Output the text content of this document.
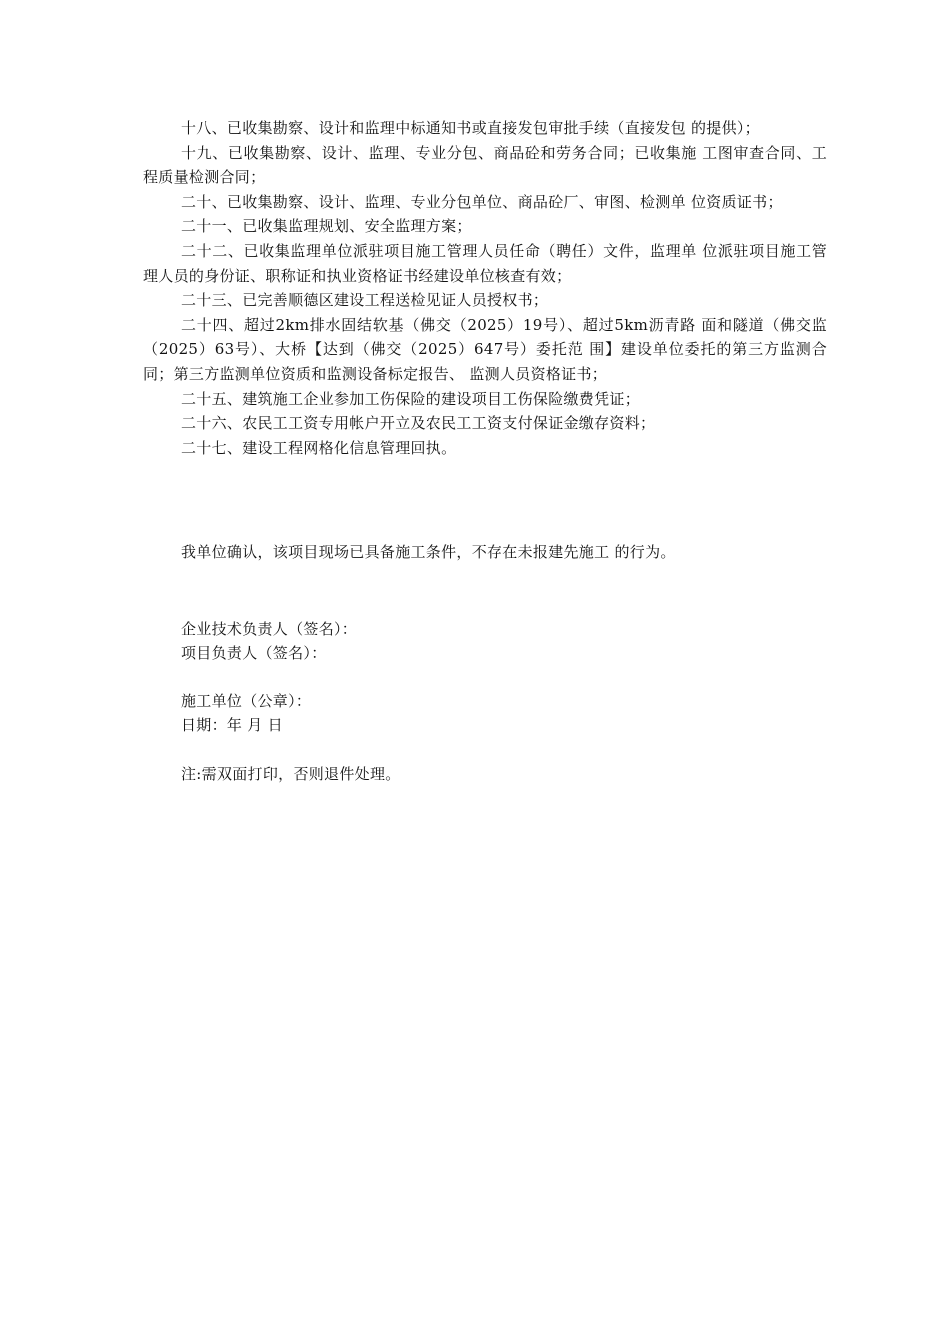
十八、已收集勘察、设计和监理中标通知书或直接发包审批手续（直接发包 的提供）；

十九、已收集勘察、设计、监理、专业分包、商品砼和劳务合同；已收集施 工图审查合同、工程质量检测合同；

二十、已收集勘察、设计、监理、专业分包单位、商品砼厂、审图、检测单 位资质证书；

二十一、已收集监理规划、安全监理方案；

二十二、已收集监理单位派驻项目施工管理人员任命（聘任）文件，监理单 位派驻项目施工管理人员的身份证、职称证和执业资格证书经建设单位核查有效；

二十三、已完善顺德区建设工程送检见证人员授权书；

二十四、超过2km排水固结软基（佛交（2025）19号）、超过5km沥青路 面和隧道（佛交监（2025）63号）、大桥【达到（佛交（2025）647号）委托范 围】建设单位委托的第三方监测合同；第三方监测单位资质和监测设备标定报告、 监测人员资格证书；

二十五、建筑施工企业参加工伤保险的建设项目工伤保险缴费凭证；

二十六、农民工工资专用帐户开立及农民工工资支付保证金缴存资料；

二十七、建设工程网格化信息管理回执。

我单位确认，该项目现场已具备施工条件，不存在未报建先施工 的行为。

企业技术负责人（签名）：

项目负责人（签名）：

施工单位（公章）：

日期：年 月 日

注:需双面打印，否则退件处理。
